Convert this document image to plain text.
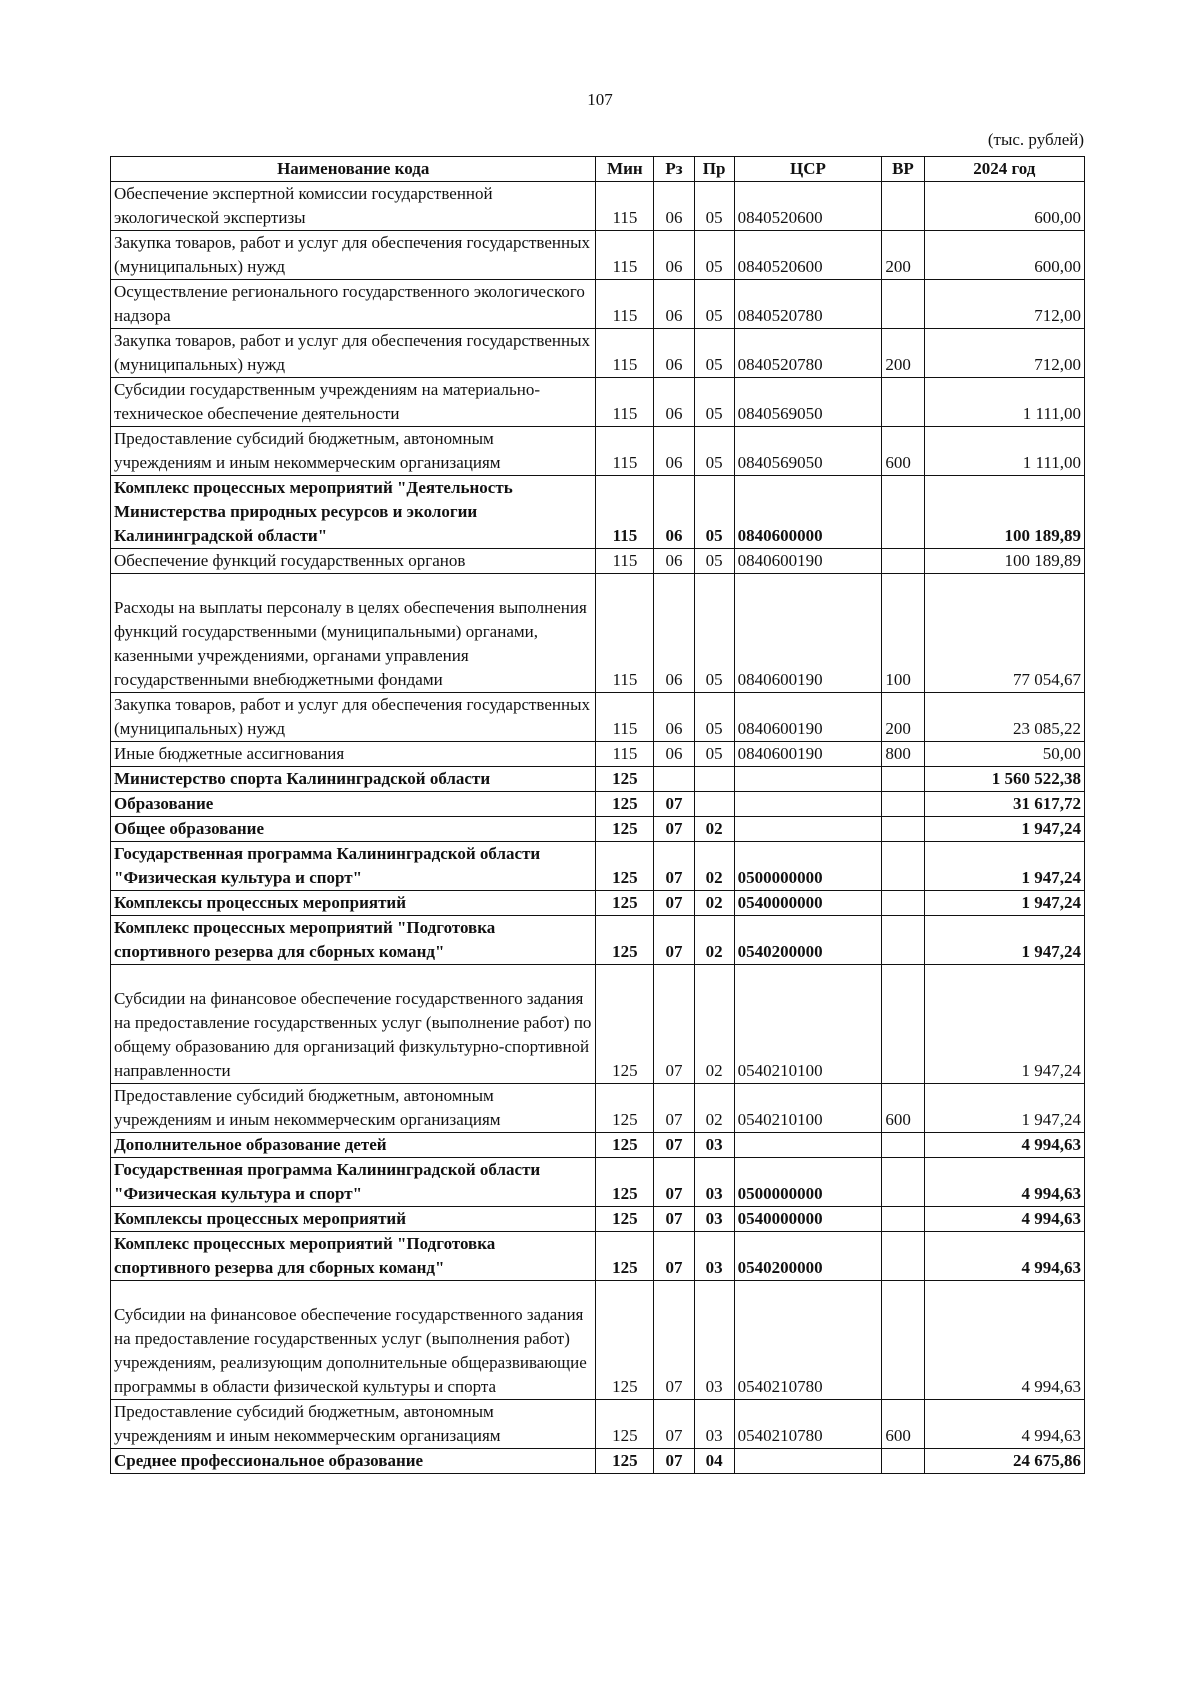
107
(тыс. рублей)
Наименование кода	Мин	Рз	Пр	ЦСР	ВР	2024 год
Обеспечение экспертной комиссии государственной экологической экспертизы	115	06	05	0840520600		600,00
Закупка товаров, работ и услуг для обеспечения государственных (муниципальных) нужд	115	06	05	0840520600	200	600,00
Осуществление регионального государственного экологического надзора	115	06	05	0840520780		712,00
Закупка товаров, работ и услуг для обеспечения государственных (муниципальных) нужд	115	06	05	0840520780	200	712,00
Субсидии государственным учреждениям на материально-техническое обеспечение деятельности	115	06	05	0840569050		1 111,00
Предоставление субсидий бюджетным, автономным учреждениям и иным некоммерческим организациям	115	06	05	0840569050	600	1 111,00
Комплекс процессных мероприятий "Деятельность Министерства природных ресурсов и экологии Калининградской области"	115	06	05	0840600000		100 189,89
Обеспечение функций государственных органов	115	06	05	0840600190		100 189,89
Расходы на выплаты персоналу в целях обеспечения выполнения функций государственными (муниципальными) органами, казенными учреждениями, органами управления государственными внебюджетными фондами	115	06	05	0840600190	100	77 054,67
Закупка товаров, работ и услуг для обеспечения государственных (муниципальных) нужд	115	06	05	0840600190	200	23 085,22
Иные бюджетные ассигнования	115	06	05	0840600190	800	50,00
Министерство спорта Калининградской области	125					1 560 522,38
Образование	125	07				31 617,72
Общее образование	125	07	02			1 947,24
Государственная программа Калининградской области "Физическая культура и спорт"	125	07	02	0500000000		1 947,24
Комплексы процессных мероприятий	125	07	02	0540000000		1 947,24
Комплекс процессных мероприятий "Подготовка спортивного резерва для сборных команд"	125	07	02	0540200000		1 947,24
Субсидии на финансовое обеспечение государственного задания на предоставление государственных услуг (выполнение работ) по общему образованию для организаций физкультурно-спортивной направленности	125	07	02	0540210100		1 947,24
Предоставление субсидий бюджетным, автономным учреждениям и иным некоммерческим организациям	125	07	02	0540210100	600	1 947,24
Дополнительное образование детей	125	07	03			4 994,63
Государственная программа Калининградской области "Физическая культура и спорт"	125	07	03	0500000000		4 994,63
Комплексы процессных мероприятий	125	07	03	0540000000		4 994,63
Комплекс процессных мероприятий "Подготовка спортивного резерва для сборных команд"	125	07	03	0540200000		4 994,63
Субсидии на финансовое обеспечение государственного задания на предоставление государственных услуг (выполнения работ) учреждениям, реализующим дополнительные общеразвивающие программы в области физической культуры и спорта	125	07	03	0540210780		4 994,63
Предоставление субсидий бюджетным, автономным учреждениям и иным некоммерческим организациям	125	07	03	0540210780	600	4 994,63
Среднее профессиональное образование	125	07	04			24 675,86
